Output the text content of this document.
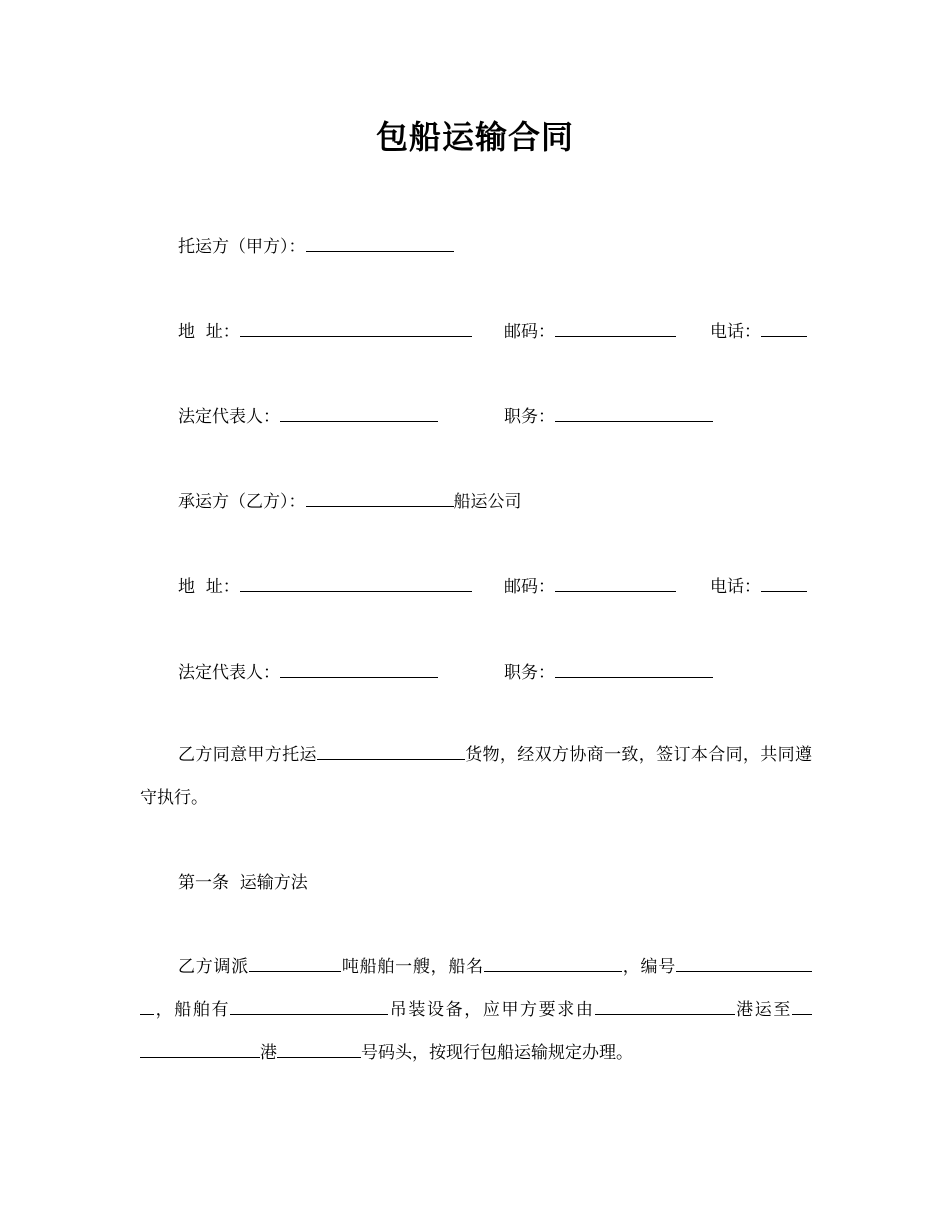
包船运输合同
托运方（甲方）：
地  址：	邮码：	电话：
法定代表人：	职务：
承运方（乙方）：	船运公司
地  址：	邮码：	电话：
法定代表人：	职务：
乙方同意甲方托运	货物，经双方协商一致，签订本合同，共同遵守执行。
第一条  运输方法
乙方调派	吨船舶一艘，船名	，编号，船舶有	吊装设备，应甲方要求由	港运至港	号码头，按现行包船运输规定办理。
